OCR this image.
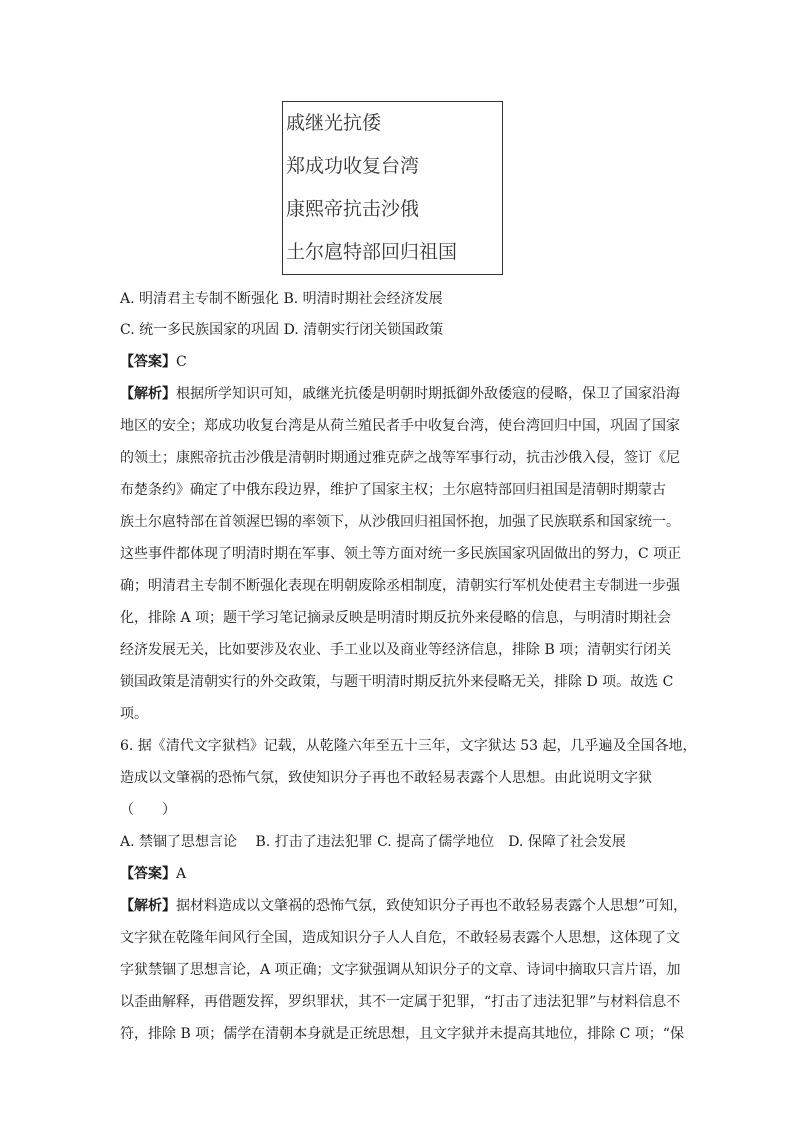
戚继光抗倭
郑成功收复台湾
康熙帝抗击沙俄
土尔扈特部回归祖国
A. 明清君主专制不断强化 B. 明清时期社会经济发展
C. 统一多民族国家的巩固 D. 清朝实行闭关锁国政策
【答案】C
【解析】根据所学知识可知，戚继光抗倭是明朝时期抵御外敌倭寇的侵略，保卫了国家沿海
地区的安全；郑成功收复台湾是从荷兰殖民者手中收复台湾，使台湾回归中国，巩固了国家
的领土；康熙帝抗击沙俄是清朝时期通过雅克萨之战等军事行动，抗击沙俄入侵，签订《尼
布楚条约》确定了中俄东段边界，维护了国家主权；土尔扈特部回归祖国是清朝时期蒙古
族土尔扈特部在首领渥巴锡的率领下，从沙俄回归祖国怀抱，加强了民族联系和国家统一。
这些事件都体现了明清时期在军事、领土等方面对统一多民族国家巩固做出的努力，C 项正
确；明清君主专制不断强化表现在明朝废除丞相制度，清朝实行军机处使君主专制进一步强
化，排除 A 项；题干学习笔记摘录反映是明清时期反抗外来侵略的信息，与明清时期社会
经济发展无关，比如要涉及农业、手工业以及商业等经济信息，排除 B 项；清朝实行闭关
锁国政策是清朝实行的外交政策，与题干明清时期反抗外来侵略无关，排除 D 项。故选 C
项。
6. 据《清代文字狱档》记载，从乾隆六年至五十三年，文字狱达 53 起，几乎遍及全国各地，
造成以文肇祸的恐怖气氛，致使知识分子再也不敢轻易表露个人思想。由此说明文字狱
（　　）
A. 禁锢了思想言论　 B. 打击了违法犯罪 C. 提高了儒学地位　D. 保障了社会发展
【答案】A
【解析】据材料造成以文肇祸的恐怖气氛，致使知识分子再也不敢轻易表露个人思想”可知，
文字狱在乾隆年间风行全国，造成知识分子人人自危，不敢轻易表露个人思想，这体现了文
字狱禁锢了思想言论，A 项正确；文字狱强调从知识分子的文章、诗词中摘取只言片语，加
以歪曲解释，再借题发挥，罗织罪状，其不一定属于犯罪，“打击了违法犯罪”与材料信息不
符，排除 B 项；儒学在清朝本身就是正统思想，且文字狱并未提高其地位，排除 C 项；“保
